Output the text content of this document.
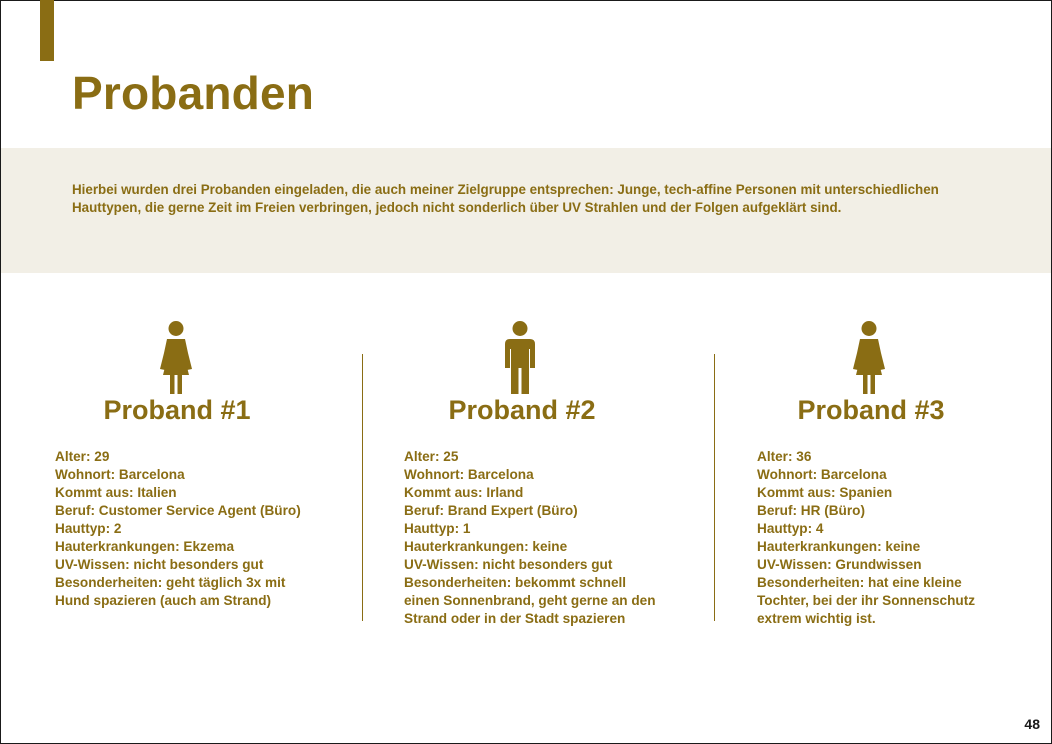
Probanden

Hierbei wurden drei Probanden eingeladen, die auch meiner Zielgruppe entsprechen: Junge, tech-affine Personen mit unterschiedlichen Hauttypen, die gerne Zeit im Freien verbringen, jedoch nicht sonderlich über UV Strahlen und der Folgen aufgeklärt sind.

Proband #1
Alter: 29
Wohnort: Barcelona
Kommt aus: Italien
Beruf: Customer Service Agent (Büro)
Hauttyp: 2
Hauterkrankungen: Ekzema
UV-Wissen: nicht besonders gut
Besonderheiten: geht täglich 3x mit
Hund spazieren (auch am Strand)
Proband #2
Alter: 25
Wohnort: Barcelona
Kommt aus: Irland
Beruf: Brand Expert (Büro)
Hauttyp: 1
Hauterkrankungen: keine
UV-Wissen: nicht besonders gut
Besonderheiten: bekommt schnell
einen Sonnenbrand, geht gerne an den
Strand oder in der Stadt spazieren
Proband #3
Alter: 36
Wohnort: Barcelona
Kommt aus: Spanien
Beruf: HR (Büro)
Hauttyp: 4
Hauterkrankungen: keine
UV-Wissen: Grundwissen
Besonderheiten: hat eine kleine
Tochter, bei der ihr Sonnenschutz
extrem wichtig ist.
48
